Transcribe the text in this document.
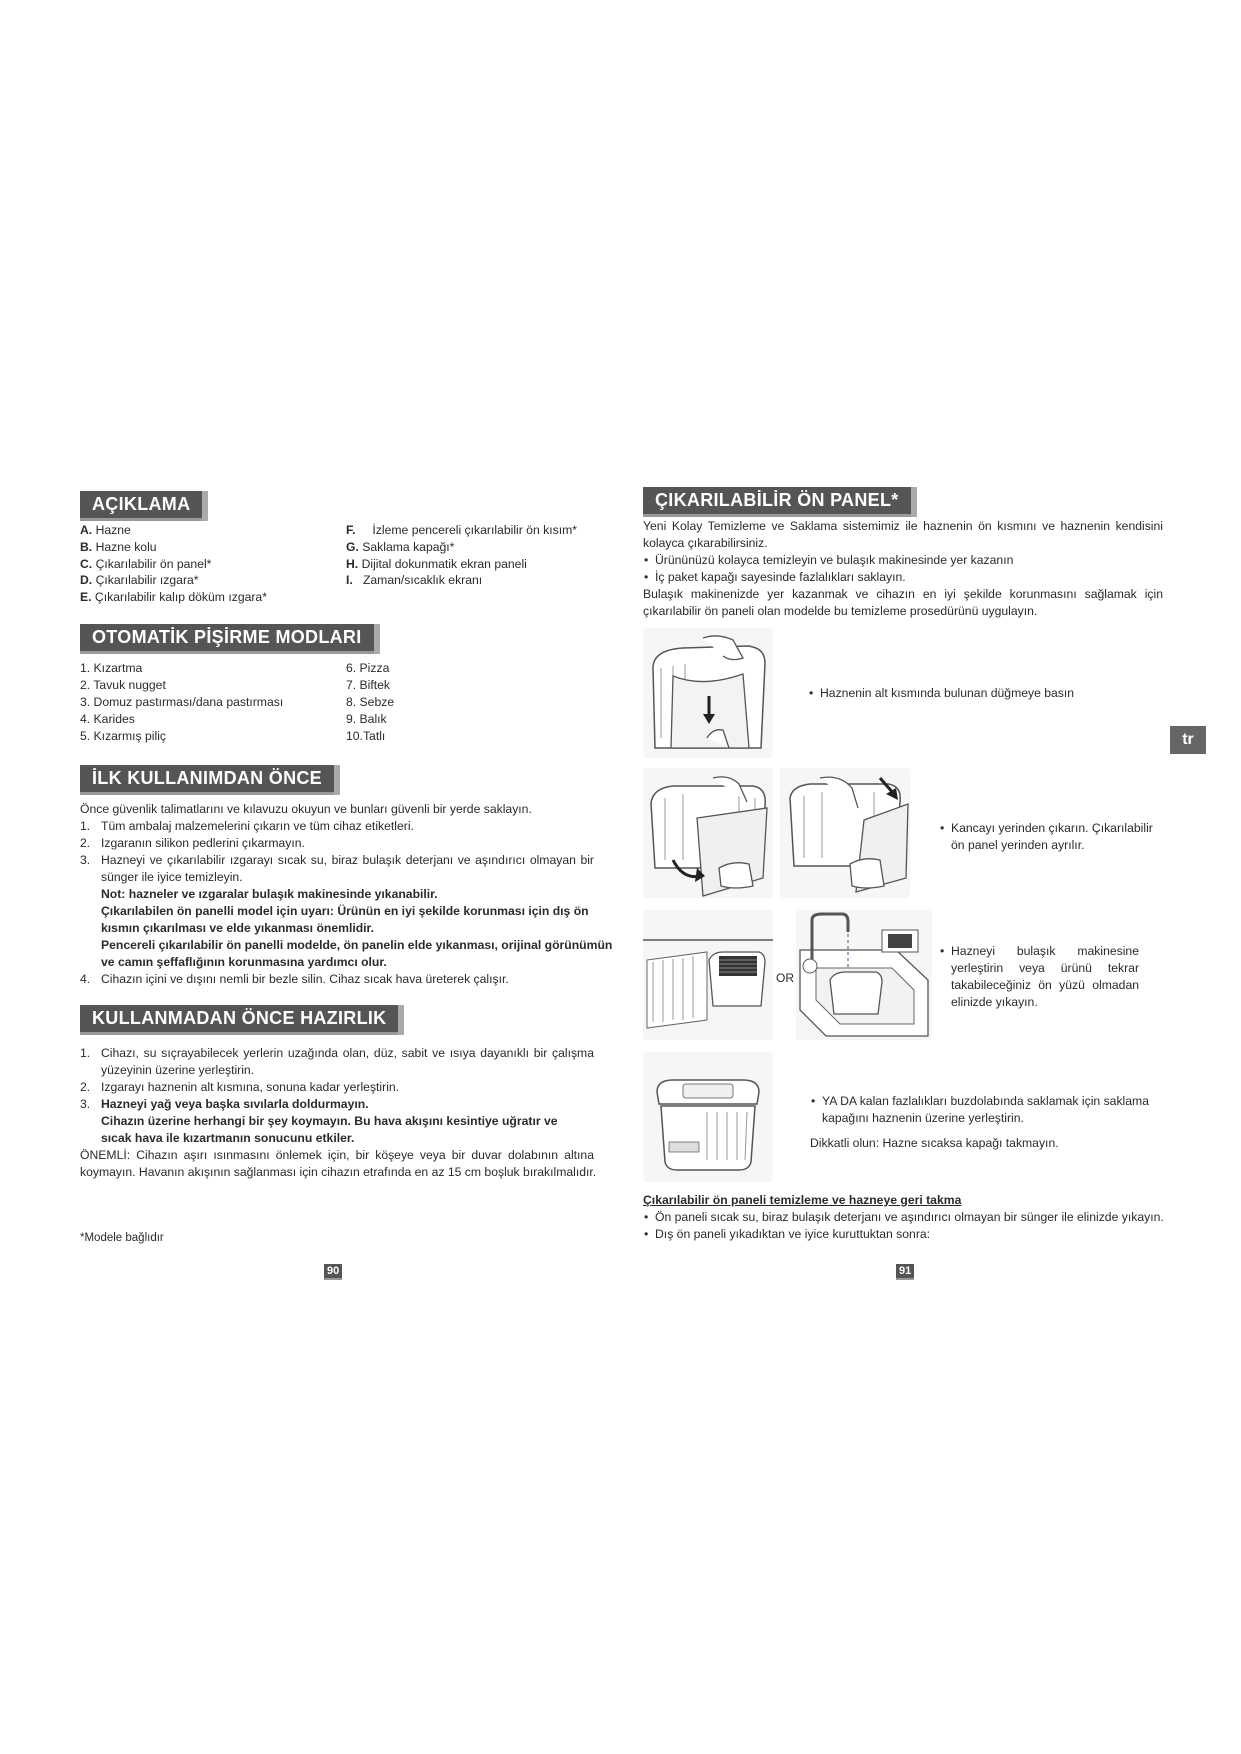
AÇIKLAMA
A. Hazne
B. Hazne kolu
C. Çıkarılabilir ön panel*
D. Çıkarılabilir ızgara*
E. Çıkarılabilir kalıp döküm ızgara*
F. İzleme pencereli çıkarılabilir ön kısım*
G. Saklama kapağı*
H. Dijital dokunmatik ekran paneli
I. Zaman/sıcaklık ekranı
OTOMATİK PİŞİRME MODLARI
1. Kızartma
2. Tavuk nugget
3. Domuz pastırması/dana pastırması
4. Karides
5. Kızarmış piliç
6. Pizza
7. Biftek
8. Sebze
9. Balık
10.Tatlı
İLK KULLANIMDAN ÖNCE
Önce güvenlik talimatlarını ve kılavuzu okuyun ve bunları güvenli bir yerde saklayın.
1. Tüm ambalaj malzemelerini çıkarın ve tüm cihaz etiketleri.
2. Izgaranın silikon pedlerini çıkarmayın.
3. Hazneyi ve çıkarılabilir ızgarayı sıcak su, biraz bulaşık deterjanı ve aşındırıcı olmayan bir
sünger ile iyice temizleyin.
Not: hazneler ve ızgaralar bulaşık makinesinde yıkanabilir.
Çıkarılabilen ön panelli model için uyarı: Ürünün en iyi şekilde korunması için dış ön
kısmın çıkarılması ve elde yıkanması önemlidir.
Pencereli çıkarılabilir ön panelli modelde, ön panelin elde yıkanması, orijinal görünümün
ve camın şeffaflığının korunmasına yardımcı olur.
4. Cihazın içini ve dışını nemli bir bezle silin. Cihaz sıcak hava üreterek çalışır.
KULLANMADAN ÖNCE HAZIRLIK
1. Cihazı, su sıçrayabilecek yerlerin uzağında olan, düz, sabit ve ısıya dayanıklı bir çalışma
yüzeyinin üzerine yerleştirin.
2. Izgarayı haznenin alt kısmına, sonuna kadar yerleştirin.
3. Hazneyi yağ veya başka sıvılarla doldurmayın.
Cihazın üzerine herhangi bir şey koymayın. Bu hava akışını kesintiye uğratır ve
sıcak hava ile kızartmanın sonucunu etkiler.
ÖNEMLİ: Cihazın aşırı ısınmasını önlemek için, bir köşeye veya bir duvar dolabının altına
koymayın. Havanın akışının sağlanması için cihazın etrafında en az 15 cm boşluk bırakılmalıdır.
*Modele bağlıdır
90
ÇIKARILABİLİR ÖN PANEL*
Yeni Kolay Temizleme ve Saklama sistemimiz ile haznenin ön kısmını ve haznenin kendisini
kolayca çıkarabilirsiniz.
• Ürününüzü kolayca temizleyin ve bulaşık makinesinde yer kazanın
• İç paket kapağı sayesinde fazlalıkları saklayın.
Bulaşık makinenizde yer kazanmak ve cihazın en iyi şekilde korunmasını sağlamak için
çıkarılabilir ön paneli olan modelde bu temizleme prosedürünü uygulayın.
tr
• Haznenin alt kısmında bulunan düğmeye basın
• Kancayı yerinden çıkarın. Çıkarılabilir
ön panel yerinden ayrılır.
OR
• Hazneyi bulaşık makinesine
yerleştirin veya ürünü tekrar
takabileceğiniz ön yüzü olmadan
elinizde yıkayın.
• YA DA kalan fazlalıkları buzdolabında saklamak için saklama
kapağını haznenin üzerine yerleştirin.
Dikkatli olun: Hazne sıcaksa kapağı takmayın.
Çıkarılabilir ön paneli temizleme ve hazneye geri takma
• Ön paneli sıcak su, biraz bulaşık deterjanı ve aşındırıcı olmayan bir sünger ile elinizde yıkayın.
• Dış ön paneli yıkadıktan ve iyice kuruttuktan sonra:
91
